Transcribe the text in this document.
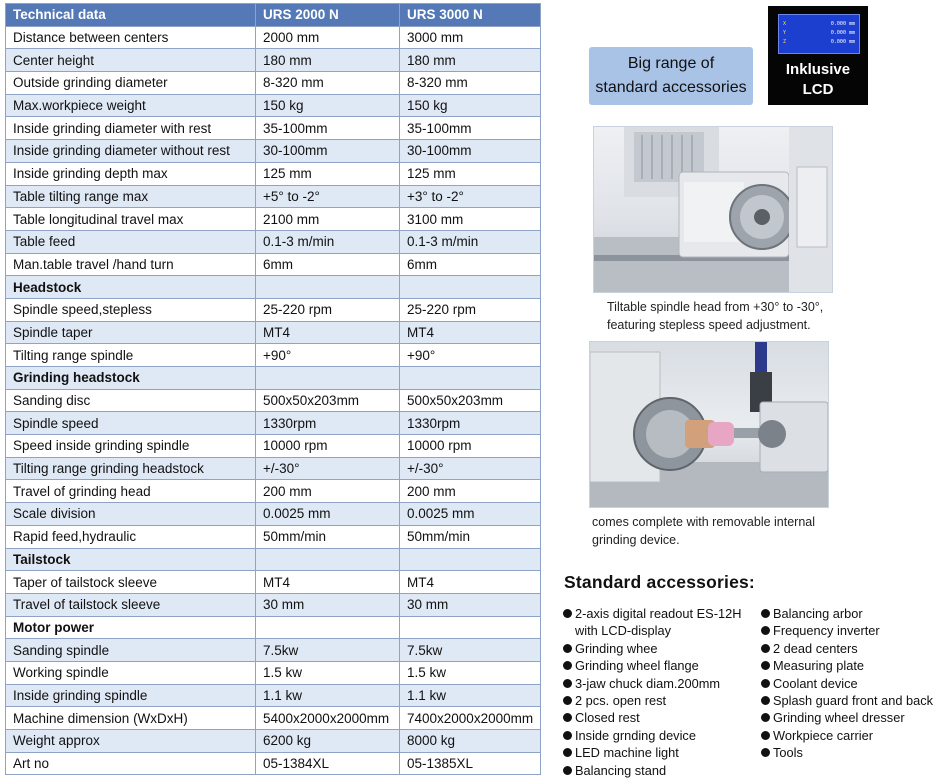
Technical data	URS 2000 N	URS 3000 N
Distance between centers	2000 mm	3000 mm
Center height	180 mm	180 mm
Outside grinding diameter	8-320 mm	8-320 mm
Max.workpiece weight	150 kg	150 kg
Inside grinding diameter with rest	35-100mm	35-100mm
Inside grinding diameter without rest	30-100mm	30-100mm
Inside grinding depth max	125 mm	125 mm
Table tilting range max	+5° to -2°	+3° to -2°
Table longitudinal travel max	2100 mm	3100 mm
Table feed	0.1-3 m/min	0.1-3 m/min
Man.table travel /hand turn	6mm	6mm
Headstock		
Spindle speed,stepless	25-220 rpm	25-220 rpm
Spindle taper	MT4	MT4
Tilting range spindle	+90°	+90°
Grinding headstock		
Sanding disc	500x50x203mm	500x50x203mm
Spindle speed	1330rpm	1330rpm
Speed inside grinding spindle	10000 rpm	10000 rpm
Tilting range grinding headstock	+/-30°	+/-30°
Travel of grinding head	200 mm	200 mm
Scale division	0.0025 mm	0.0025 mm
Rapid feed,hydraulic	50mm/min	50mm/min
Tailstock		
Taper of tailstock sleeve	MT4	MT4
Travel of tailstock sleeve	30 mm	30 mm
Motor power		
Sanding spindle	7.5kw	7.5kw
Working spindle	1.5 kw	1.5 kw
Inside grinding spindle	1.1 kw	1.1 kw
Machine dimension (WxDxH)	5400x2000x2000mm	7400x2000x2000mm
Weight approx	6200 kg	8000 kg
Art no	05-1384XL	05-1385XL
X	0.000 mm
Y	0.000 mm
Z	0.000 mm
Inklusive
LCD
Big range of
standard accessories
Tiltable spindle head from +30° to -30°,
featuring stepless speed adjustment.
comes complete with removable internal
grinding device.
Standard accessories:
2-axis digital readout ES-12H
with LCD-display
Grinding whee
Grinding wheel flange
3-jaw chuck diam.200mm
2 pcs. open rest
Closed rest
Inside grnding device
LED machine light
Balancing stand
Balancing arbor
Frequency inverter
2 dead centers
Measuring plate
Coolant device
Splash guard front and back
Grinding wheel dresser
Workpiece carrier
Tools
